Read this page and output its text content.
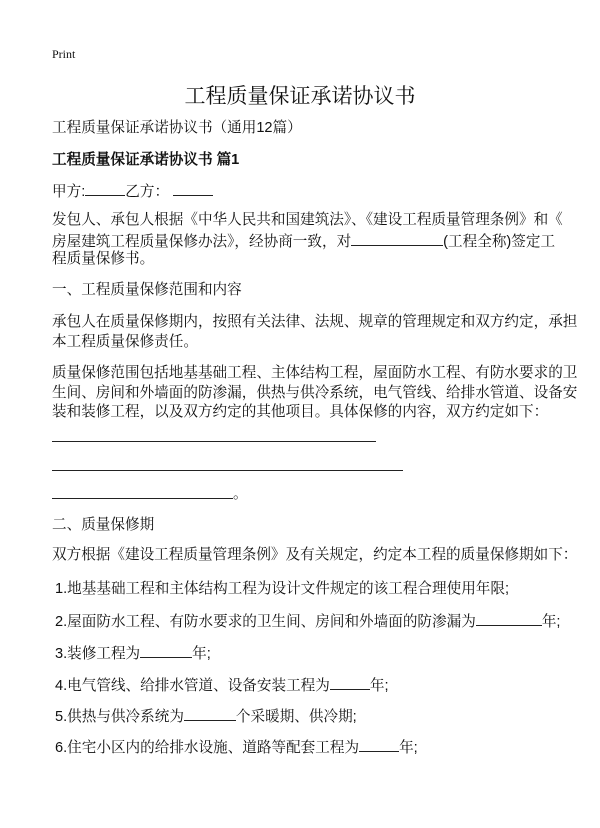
Print
工程质量保证承诺协议书
工程质量保证承诺协议书（通用12篇）
工程质量保证承诺协议书 篇1
甲方:	乙方：
发包人、承包人根据《中华人民共和国建筑法》、《建设工程质量管理条例》和《
房屋建筑工程质量保修办法》，经协商一致，对	(工程全称)签定工
程质量保修书。
一、工程质量保修范围和内容
承包人在质量保修期内，按照有关法律、法规、规章的管理规定和双方约定，承担
本工程质量保修责任。
质量保修范围包括地基基础工程、主体结构工程，屋面防水工程、有防水要求的卫
生间、房间和外墙面的防渗漏，供热与供冷系统，电气管线、给排水管道、设备安
装和装修工程，以及双方约定的其他项目。具体保修的内容，双方约定如下：
。
二、质量保修期
双方根据《建设工程质量管理条例》及有关规定，约定本工程的质量保修期如下：
1.地基基础工程和主体结构工程为设计文件规定的该工程合理使用年限;
2.屋面防水工程、有防水要求的卫生间、房间和外墙面的防渗漏为	年;
3.装修工程为	年;
4.电气管线、给排水管道、设备安装工程为	年;
5.供热与供冷系统为	个采暖期、供冷期;
6.住宅小区内的给排水设施、道路等配套工程为	年;
